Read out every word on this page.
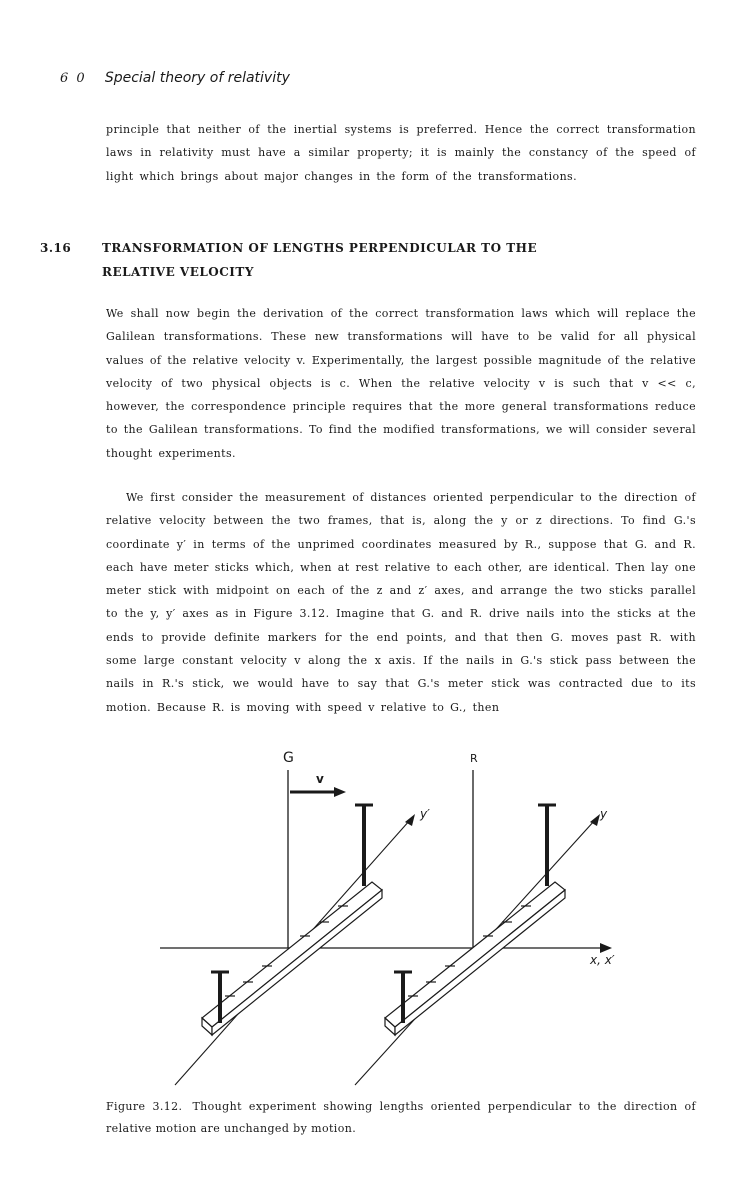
6 0 Special theory of relativity

principle that neither of the inertial systems is preferred. Hence the correct transformation laws in relativity must have a similar property; it is mainly the constancy of the speed of light which brings about major changes in the form of the transformations.

3.16	TRANSFORMATION OF LENGTHS PERPENDICULAR TO THE
RELATIVE VELOCITY

We shall now begin the derivation of the correct transformation laws which will replace the Galilean transformations. These new transformations will have to be valid for all physical values of the relative velocity v. Experimentally, the largest possible magnitude of the relative velocity of two physical objects is c. When the relative velocity v is such that v << c, however, the correspondence principle requires that the more general transformations reduce to the Galilean transformations. To find the modified transformations, we will consider several thought experiments.

We first consider the measurement of distances oriented perpendicular to the direction of relative velocity between the two frames, that is, along the y or z directions. To find G.'s coordinate y′ in terms of the unprimed coordinates measured by R., suppose that G. and R. each have meter sticks which, when at rest relative to each other, are identical. Then lay one meter stick with midpoint on each of the z and z′ axes, and arrange the two sticks parallel to the y, y′ axes as in Figure 3.12. Imagine that G. and R. drive nails into the sticks at the ends to provide definite markers for the end points, and that then G. moves past R. with some large constant velocity v along the x axis. If the nails in G.'s stick pass between the nails in R.'s stick, we would have to say that G.'s meter stick was contracted due to its motion. Because R. is moving with speed v relative to G., then

x, x′
G
v
R
y′	y

Figure 3.12. Thought experiment showing lengths oriented perpendicular to the direction of relative motion are unchanged by motion.
